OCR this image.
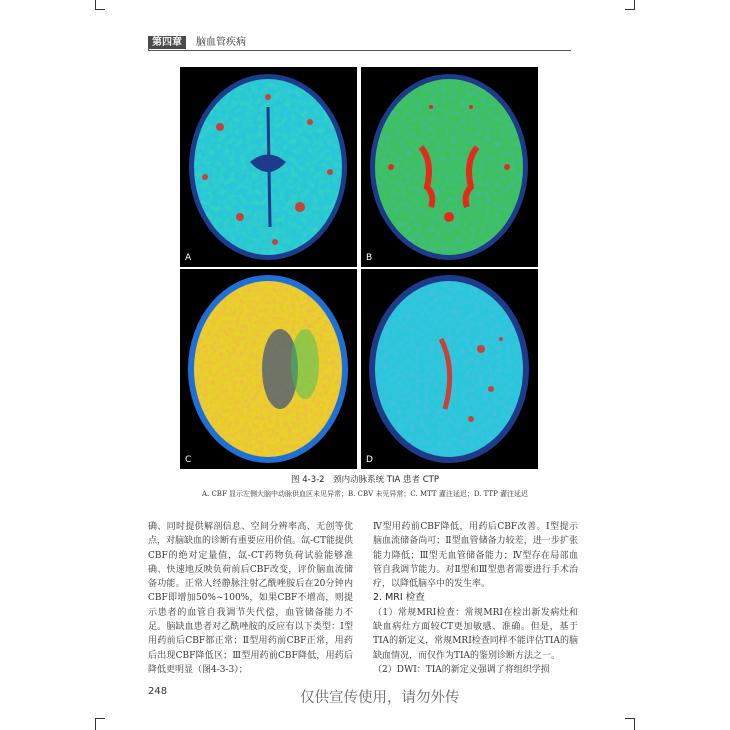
第四章	脑血管疾病
A	B
C	D
图 4-3-2　颈内动脉系统 TIA 患者 CTP
A. CBF 显示左侧大脑中动脉供血区未见异常；B. CBV 未见异常；C. MTT 灌注延迟；D. TTP 灌注延迟

确、同时提供解剖信息、空间分辨率高、无创等优点，对脑缺血的诊断有重要应用价值。氙-CT能提供CBF的绝对定量值，氙-CT药物负荷试验能够准确、快速地反映负荷前后CBF改变，评价脑血流储备功能。正常人经静脉注射乙酰唑胺后在20分钟内CBF即增加50%~100%，如果CBF不增高，则提示患者的血管自我调节失代偿，血管储备能力不足。脑缺血患者对乙酰唑胺的反应有以下类型：Ⅰ型用药前后CBF都正常；Ⅱ型用药前CBF正常，用药后出现CBF降低区；Ⅲ型用药前CBF降低，用药后降低更明显（图4-3-3）；

Ⅳ型用药前CBF降低，用药后CBF改善。Ⅰ型提示脑血流储备尚可；Ⅱ型血管储备力较差，进一步扩张能力降低；Ⅲ型无血管储备能力；Ⅳ型存在局部血管自我调节能力。对Ⅱ型和Ⅲ型患者需要进行手术治疗，以降低脑卒中的发生率。

2. MRI 检查

（1）常规MRI检查：常规MRI在检出新发病灶和缺血病灶方面较CT更加敏感、准确。但是，基于TIA的新定义，常规MRI检查同样不能评估TIA的脑缺血情况，而仅作为TIA的鉴别诊断方法之一。

（2）DWI：TIA的新定义强调了将组织学损

248	仅供宣传使用，请勿外传
